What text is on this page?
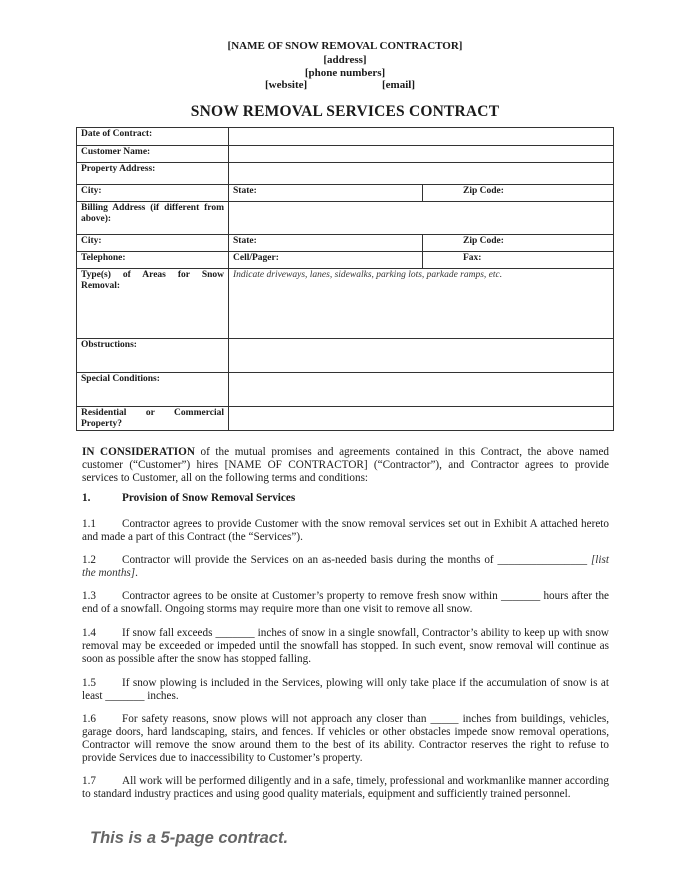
[NAME OF SNOW REMOVAL CONTRACTOR]
[address]
[phone numbers]
[website]	[email]
SNOW REMOVAL SERVICES CONTRACT
Date of Contract:		
Customer Name:		
Property Address:		
City:	State:	Zip Code:
Billing Address (if different from above):		
City:	State:	Zip Code:
Telephone:	Cell/Pager:	Fax:
Type(s) of Areas for Snow Removal:	Indicate driveways, lanes, sidewalks, parking lots, parkade ramps, etc.	
Obstructions:		
Special Conditions:		
Residential or Commercial Property?		

IN CONSIDERATION of the mutual promises and agreements contained in this Contract, the above named customer (“Customer”) hires [NAME OF CONTRACTOR] (“Contractor”), and Contractor agrees to provide services to Customer, all on the following terms and conditions:

1.	Provision of Snow Removal Services

1.1 Contractor agrees to provide Customer with the snow removal services set out in Exhibit A attached hereto and made a part of this Contract (the “Services”).

1.2 Contractor will provide the Services on an as-needed basis during the months of ________________ [list the months].

1.3 Contractor agrees to be onsite at Customer’s property to remove fresh snow within _______ hours after the end of a snowfall. Ongoing storms may require more than one visit to remove all snow.

1.4 If snow fall exceeds _______ inches of snow in a single snowfall, Contractor’s ability to keep up with snow removal may be exceeded or impeded until the snowfall has stopped. In such event, snow removal will continue as soon as possible after the snow has stopped falling.

1.5 If snow plowing is included in the Services, plowing will only take place if the accumulation of snow is at least _______ inches.

1.6 For safety reasons, snow plows will not approach any closer than _____ inches from buildings, vehicles, garage doors, hard landscaping, stairs, and fences. If vehicles or other obstacles impede snow removal operations, Contractor will remove the snow around them to the best of its ability. Contractor reserves the right to refuse to provide Services due to inaccessibility to Customer’s property.

1.7 All work will be performed diligently and in a safe, timely, professional and workmanlike manner according to standard industry practices and using good quality materials, equipment and sufficiently trained personnel.

This is a 5-page contract.
